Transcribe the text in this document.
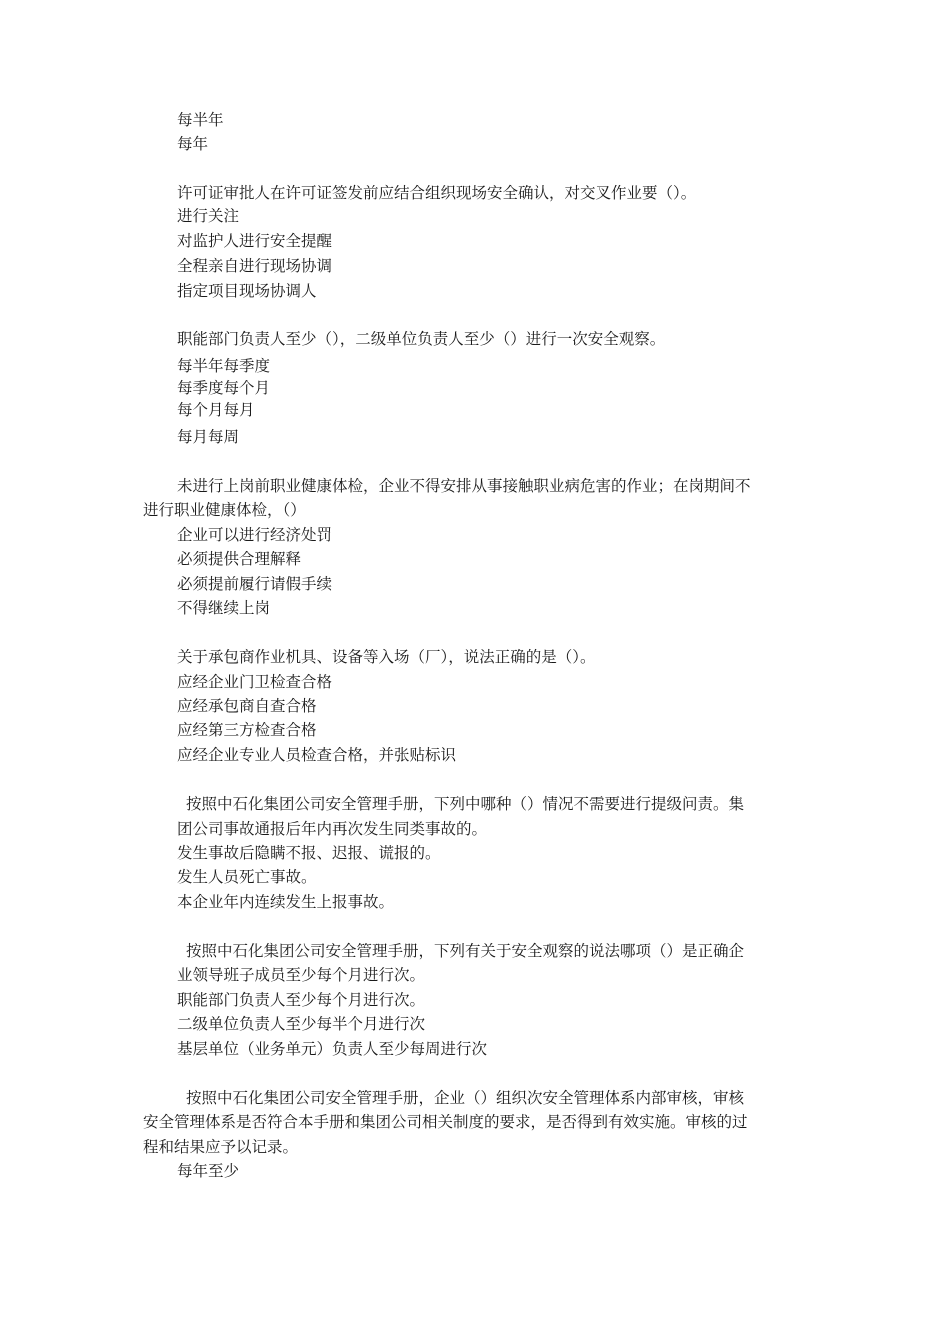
每半年
每年
许可证审批人在许可证签发前应结合组织现场安全确认，对交叉作业要（）。
进行关注
对监护人进行安全提醒
全程亲自进行现场协调
指定项目现场协调人
职能部门负责人至少（），二级单位负责人至少（）进行一次安全观察。
每半年每季度
每季度每个月
每个月每月
每月每周
未进行上岗前职业健康体检，企业不得安排从事接触职业病危害的作业；在岗期间不
进行职业健康体检，（）
企业可以进行经济处罚
必须提供合理解释
必须提前履行请假手续
不得继续上岗
关于承包商作业机具、设备等入场（厂），说法正确的是（）。
应经企业门卫检查合格
应经承包商自查合格
应经第三方检查合格
应经企业专业人员检查合格，并张贴标识
按照中石化集团公司安全管理手册，下列中哪种（）情况不需要进行提级问责。集
团公司事故通报后年内再次发生同类事故的。
发生事故后隐瞒不报、迟报、谎报的。
发生人员死亡事故。
本企业年内连续发生上报事故。
按照中石化集团公司安全管理手册，下列有关于安全观察的说法哪项（）是正确企
业领导班子成员至少每个月进行次。
职能部门负责人至少每个月进行次。
二级单位负责人至少每半个月进行次
基层单位（业务单元）负责人至少每周进行次
按照中石化集团公司安全管理手册，企业（）组织次安全管理体系内部审核，审核
安全管理体系是否符合本手册和集团公司相关制度的要求，是否得到有效实施。审核的过
程和结果应予以记录。
每年至少
